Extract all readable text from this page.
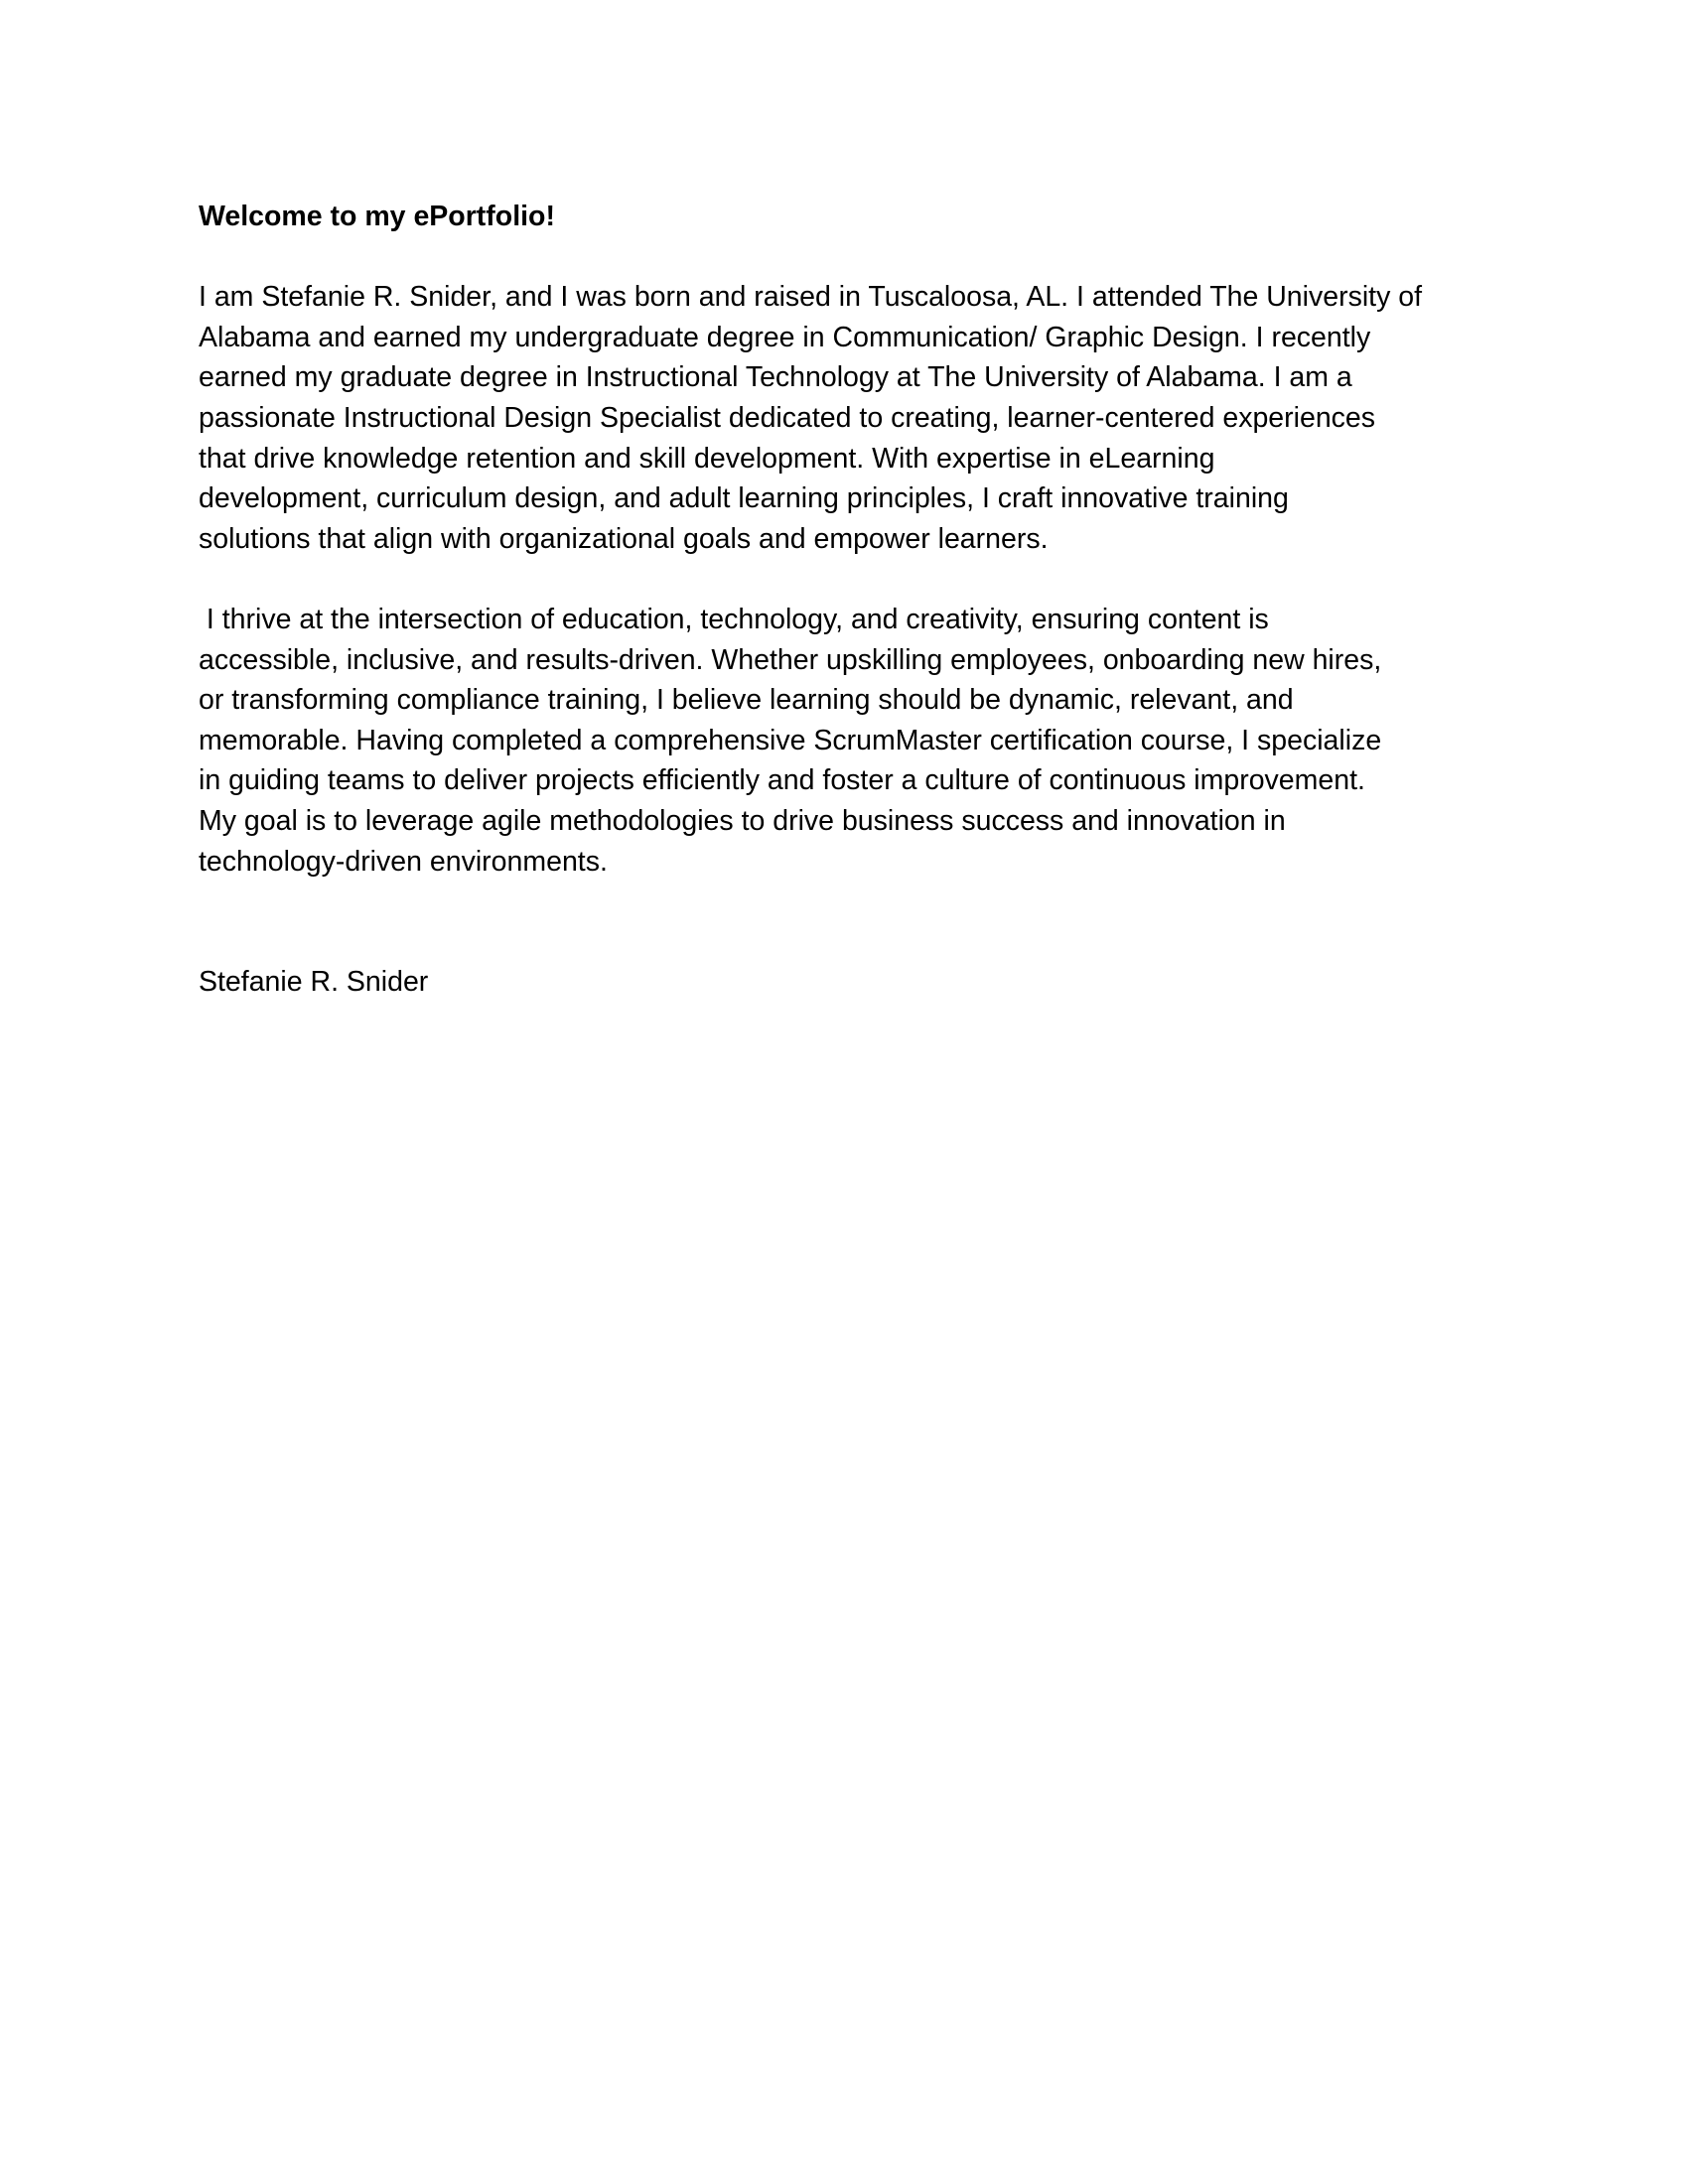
Welcome to my ePortfolio!
I am Stefanie R. Snider, and I was born and raised in Tuscaloosa, AL. I attended The University of
Alabama and earned my undergraduate degree in Communication/ Graphic Design. I recently
earned my graduate degree in Instructional Technology at The University of Alabama. I am a
passionate Instructional Design Specialist dedicated to creating, learner-centered experiences
that drive knowledge retention and skill development. With expertise in eLearning
development, curriculum design, and adult learning principles, I craft innovative training
solutions that align with organizational goals and empower learners.
I thrive at the intersection of education, technology, and creativity, ensuring content is
accessible, inclusive, and results-driven. Whether upskilling employees, onboarding new hires,
or transforming compliance training, I believe learning should be dynamic, relevant, and
memorable. Having completed a comprehensive ScrumMaster certification course, I specialize
in guiding teams to deliver projects efficiently and foster a culture of continuous improvement.
My goal is to leverage agile methodologies to drive business success and innovation in
technology-driven environments.
Stefanie R. Snider
